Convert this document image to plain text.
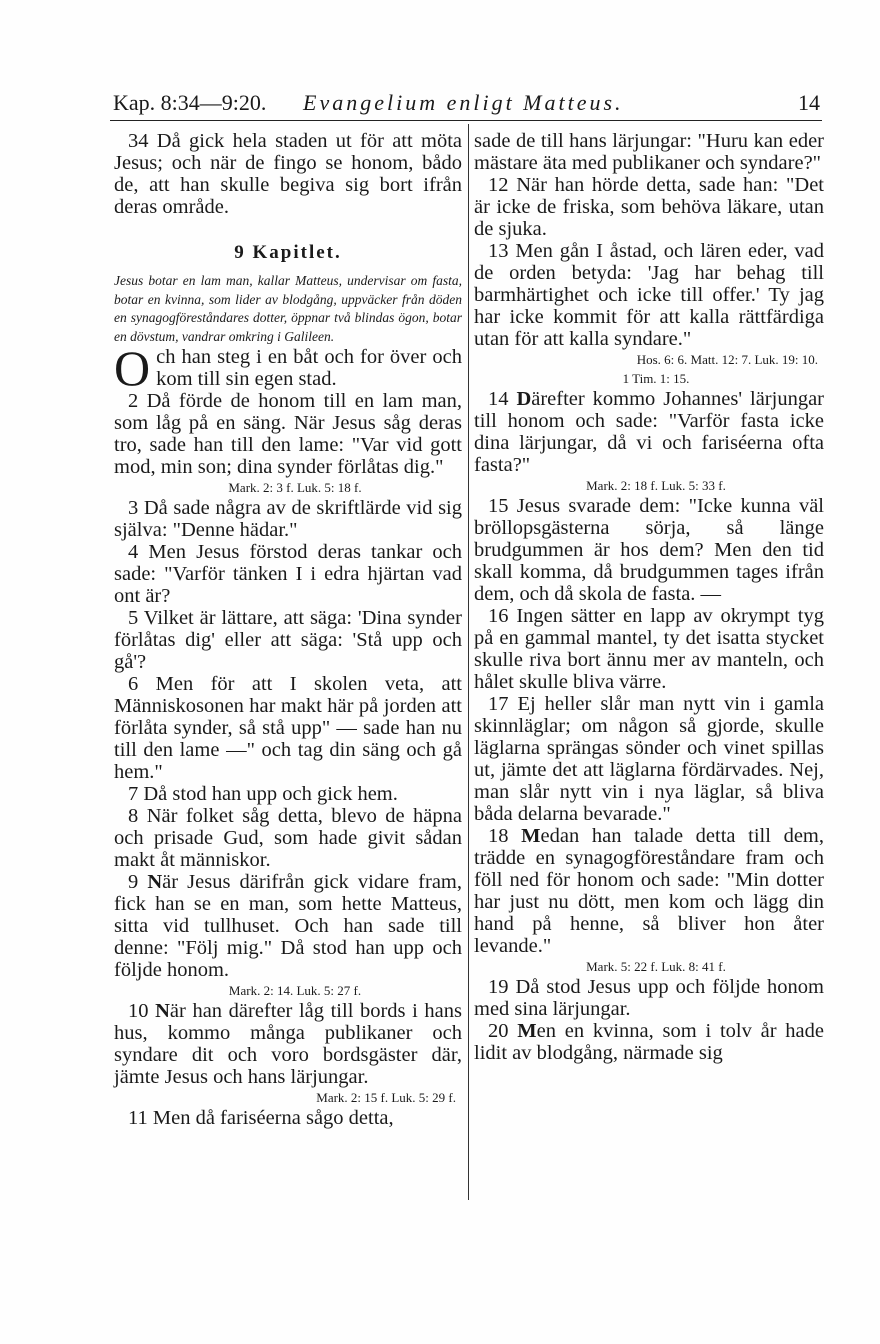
Kap. 8:34—9:20. Evangelium enligt Matteus.	14

34 Då gick hela staden ut för att möta Jesus; och när de fingo se honom, bådo de, att han skulle begiva sig bort ifrån deras område.

9 Kapitlet.

Jesus botar en lam man, kallar Matteus, undervisar om fasta, botar en kvinna, som lider av blodgång, uppväcker från döden en synagogföreståndares dotter, öppnar två blindas ögon, botar en dövstum, vandrar omkring i Galileen.

Och han steg i en båt och for över och kom till sin egen stad.

2 Då förde de honom till en lam man, som låg på en säng. När Jesus såg deras tro, sade han till den lame: "Var vid gott mod, min son; dina synder förlåtas dig."

Mark. 2: 3 f. Luk. 5: 18 f.

3 Då sade några av de skriftlärde vid sig själva: "Denne hädar."

4 Men Jesus förstod deras tankar och sade: "Varför tänken I i edra hjärtan vad ont är?

5 Vilket är lättare, att säga: 'Dina synder förlåtas dig' eller att säga: 'Stå upp och gå'?

6 Men för att I skolen veta, att Människosonen har makt här på jorden att förlåta synder, så stå upp" — sade han nu till den lame —" och tag din säng och gå hem."

7 Då stod han upp och gick hem.

8 När folket såg detta, blevo de häpna och prisade Gud, som hade givit sådan makt åt människor.

9 När Jesus därifrån gick vidare fram, fick han se en man, som hette Matteus, sitta vid tullhuset. Och han sade till denne: "Följ mig." Då stod han upp och följde honom.

Mark. 2: 14. Luk. 5: 27 f.

10 När han därefter låg till bords i hans hus, kommo många publikaner och syndare dit och voro bordsgäster där, jämte Jesus och hans lärjungar.

Mark. 2: 15 f. Luk. 5: 29 f.

11 Men då fariséerna sågo detta,

sade de till hans lärjungar: "Huru kan eder mästare äta med publikaner och syndare?"

12 När han hörde detta, sade han: "Det är icke de friska, som behöva läkare, utan de sjuka.

13 Men gån I åstad, och lären eder, vad de orden betyda: 'Jag har behag till barmhärtighet och icke till offer.' Ty jag har icke kommit för att kalla rättfärdiga utan för att kalla syndare."

Hos. 6: 6. Matt. 12: 7. Luk. 19: 10.

1 Tim. 1: 15.

14 Därefter kommo Johannes' lärjungar till honom och sade: "Varför fasta icke dina lärjungar, då vi och fariséerna ofta fasta?"

Mark. 2: 18 f. Luk. 5: 33 f.

15 Jesus svarade dem: "Icke kunna väl bröllopsgästerna sörja, så länge brudgummen är hos dem? Men den tid skall komma, då brudgummen tages ifrån dem, och då skola de fasta. —

16 Ingen sätter en lapp av okrympt tyg på en gammal mantel, ty det isatta stycket skulle riva bort ännu mer av manteln, och hålet skulle bliva värre.

17 Ej heller slår man nytt vin i gamla skinnläglar; om någon så gjorde, skulle läglarna sprängas sönder och vinet spillas ut, jämte det att läglarna fördärvades. Nej, man slår nytt vin i nya läglar, så bliva båda delarna bevarade."

18 Medan han talade detta till dem, trädde en synagogföreståndare fram och föll ned för honom och sade: "Min dotter har just nu dött, men kom och lägg din hand på henne, så bliver hon åter levande."

Mark. 5: 22 f. Luk. 8: 41 f.

19 Då stod Jesus upp och följde honom med sina lärjungar.

20 Men en kvinna, som i tolv år hade lidit av blodgång, närmade sig
